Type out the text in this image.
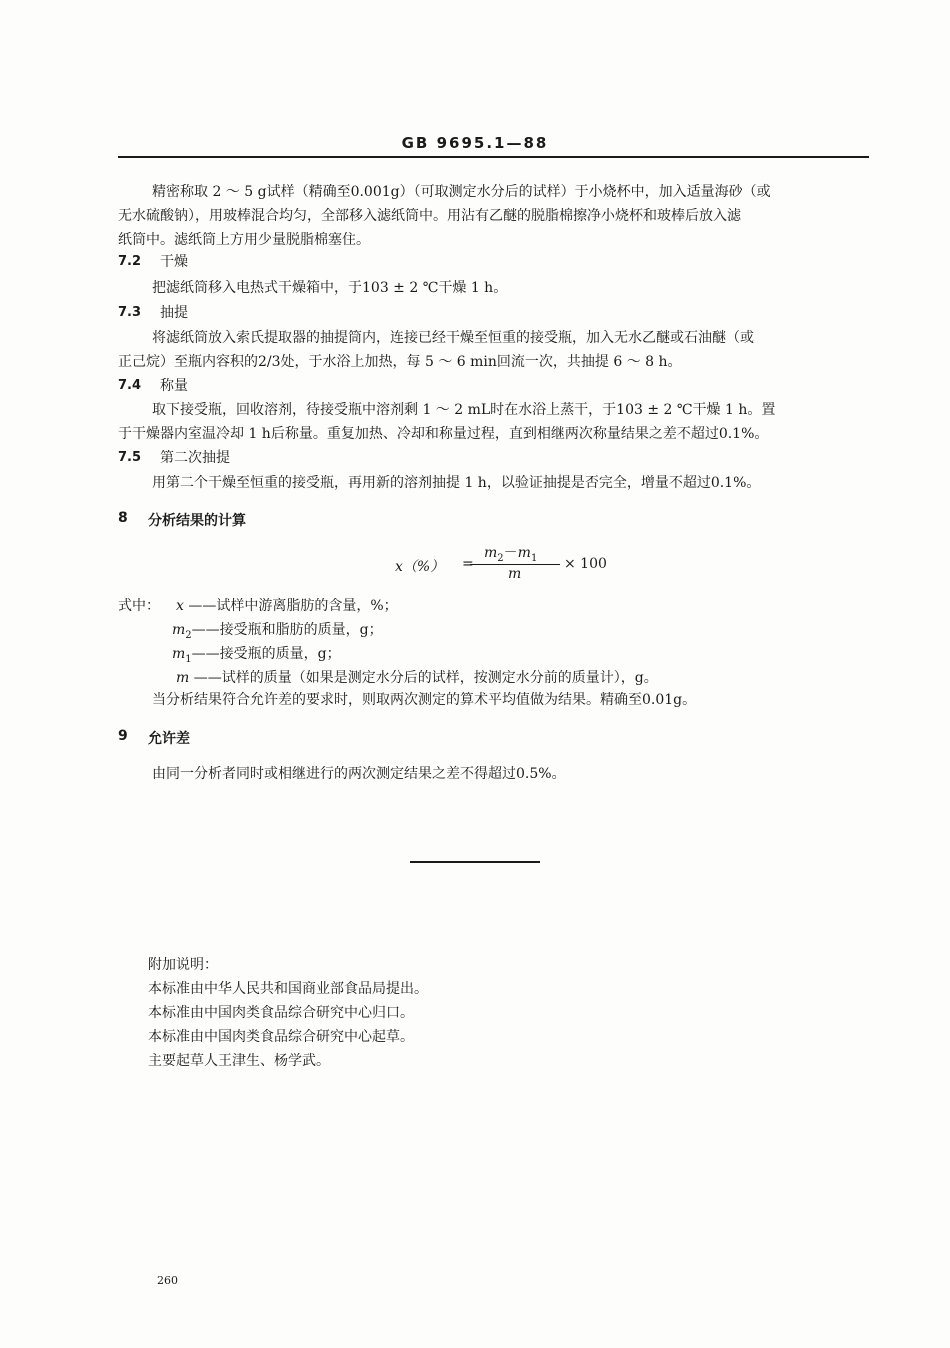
GB 9695.1—88
精密称取 2 ～ 5 g试样（精确至0.001g）（可取测定水分后的试样）于小烧杯中，加入适量海砂（或
无水硫酸钠），用玻棒混合均匀，全部移入滤纸筒中。用沾有乙醚的脱脂棉擦净小烧杯和玻棒后放入滤
纸筒中。滤纸筒上方用少量脱脂棉塞住。
7.2 干燥
把滤纸筒移入电热式干燥箱中，于103 ± 2 ℃干燥 1 h。
7.3 抽提
将滤纸筒放入索氏提取器的抽提筒内，连接已经干燥至恒重的接受瓶，加入无水乙醚或石油醚（或
正己烷）至瓶内容积的2/3处，于水浴上加热，每 5 ～ 6 min回流一次，共抽提 6 ～ 8 h。
7.4 称量
取下接受瓶，回收溶剂，待接受瓶中溶剂剩 1 ～ 2 mL时在水浴上蒸干，于103 ± 2 ℃干燥 1 h。置
于干燥器内室温冷却 1 h后称量。重复加热、冷却和称量过程，直到相继两次称量结果之差不超过0.1%。
7.5 第二次抽提
用第二个干燥至恒重的接受瓶，再用新的溶剂抽提 1 h，以验证抽提是否完全，增量不超过0.1%。
8 分析结果的计算
x（%） =
$m_2-m_1$
m
× 100
式中： x ——试样中游离脂肪的含量，%；
$m_2——$接受瓶和脂肪的质量，g；
$m_1——$接受瓶的质量，g；
m ——试样的质量（如果是测定水分后的试样，按测定水分前的质量计），g。
当分析结果符合允许差的要求时，则取两次测定的算术平均值做为结果。精确至0.01g。
9 允许差
由同一分析者同时或相继进行的两次测定结果之差不得超过0.5%。
附加说明：
本标准由中华人民共和国商业部食品局提出。
本标准由中国肉类食品综合研究中心归口。
本标准由中国肉类食品综合研究中心起草。
主要起草人王津生、杨学武。
260
